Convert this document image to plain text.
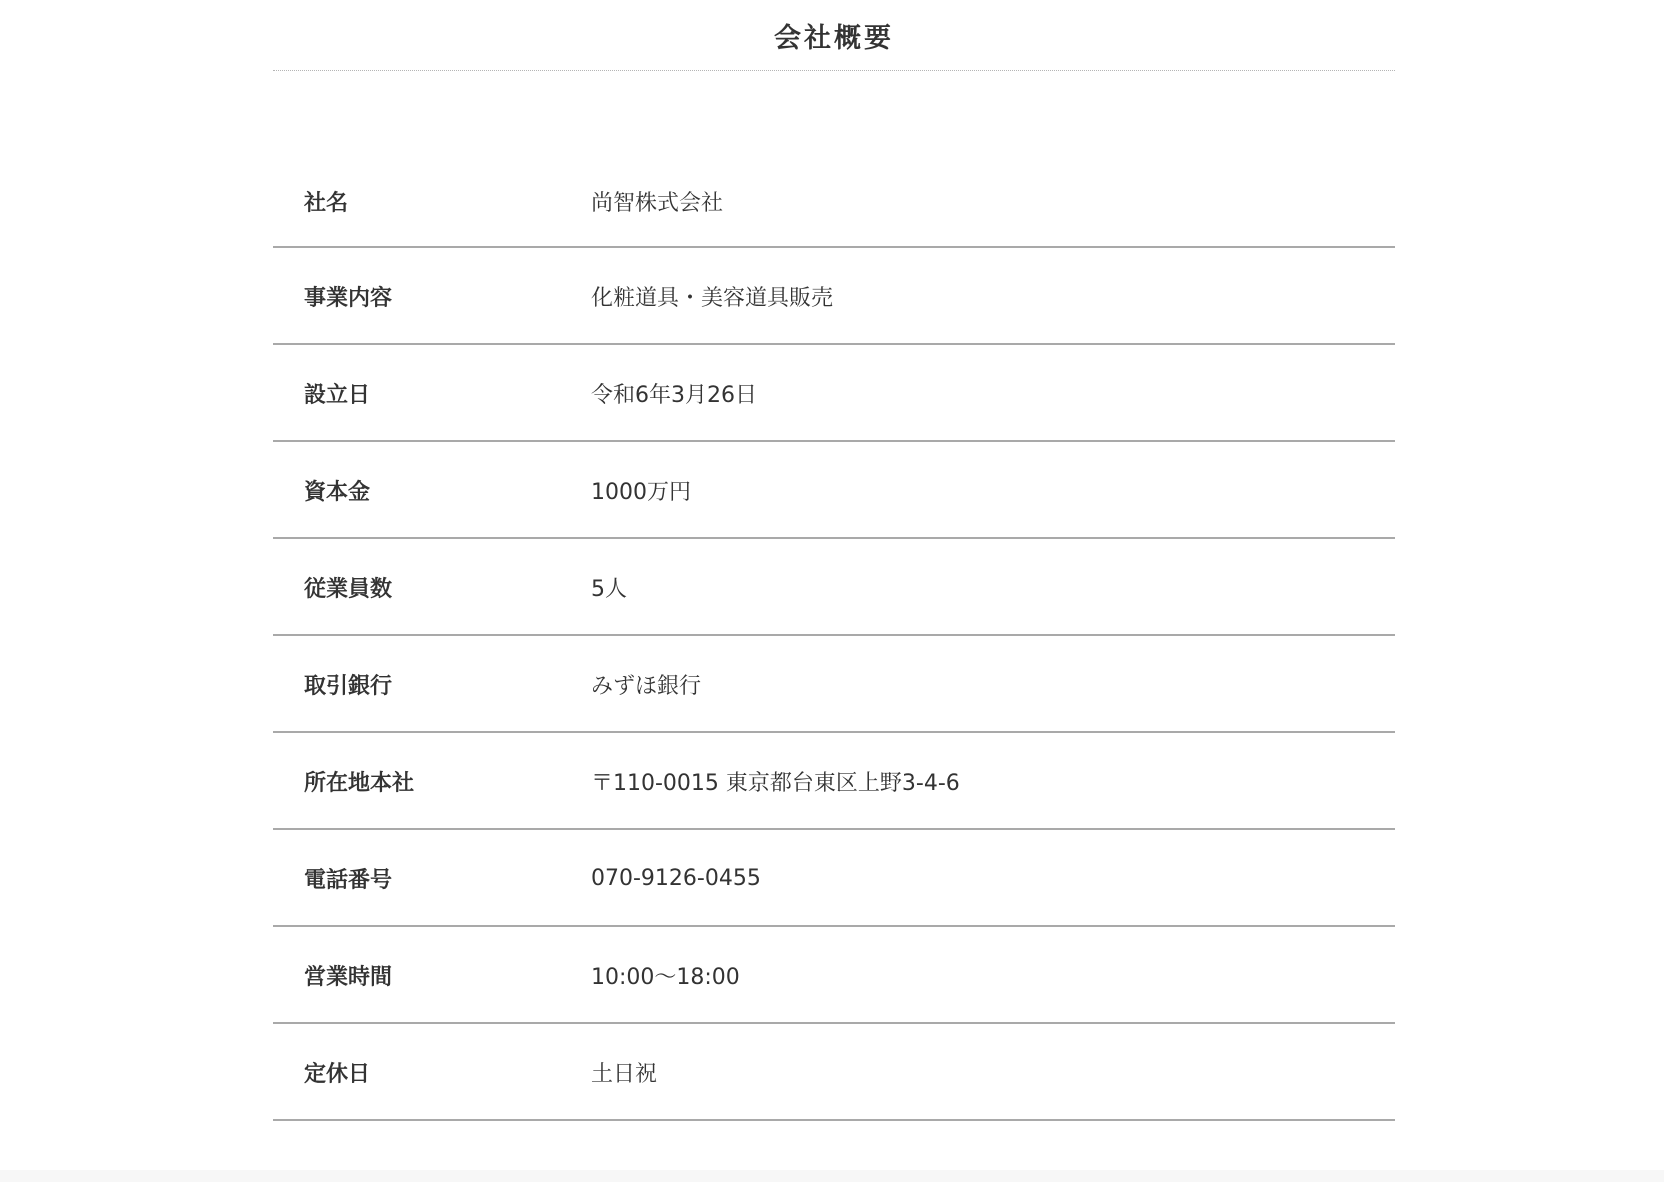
会社概要
社名	尚智株式会社
事業内容	化粧道具・美容道具販売
設立日	令和6年3月26日
資本金	1000万円
従業員数	5人
取引銀行	みずほ銀行
所在地本社	〒110-0015 東京都台東区上野3-4-6
電話番号	070-9126-0455
営業時間	10:00〜18:00
定休日	土日祝
